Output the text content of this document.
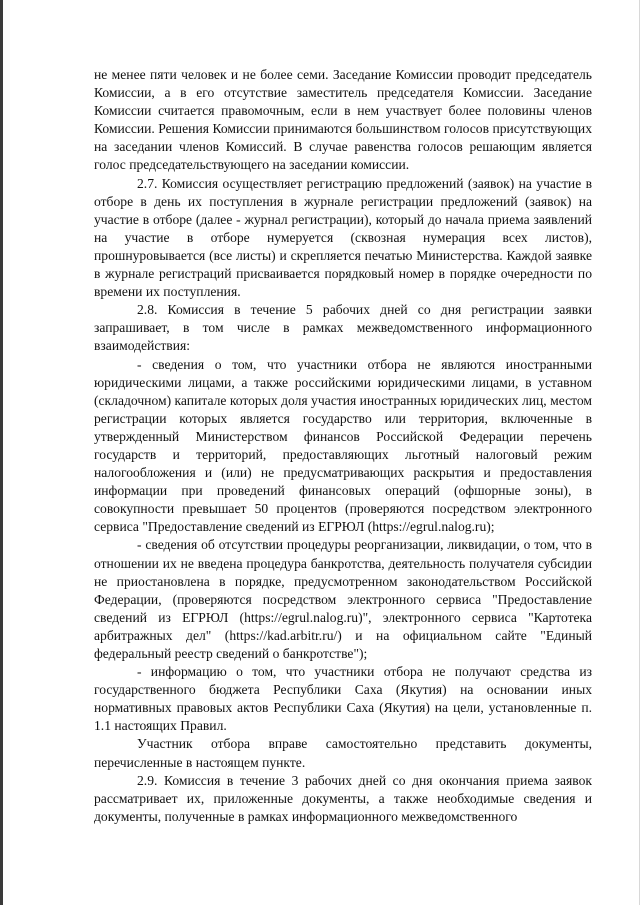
не менее пяти человек и не более семи. Заседание Комиссии проводит председатель Комиссии, а в его отсутствие заместитель председателя Комиссии. Заседание Комиссии считается правомочным, если в нем участвует более половины членов Комиссии. Решения Комиссии принимаются большинством голосов присутствующих на заседании членов Комиссий. В случае равенства голосов решающим является голос председательствующего на заседании комиссии.

2.7. Комиссия осуществляет регистрацию предложений (заявок) на участие в отборе в день их поступления в журнале регистрации предложений (заявок) на участие в отборе (далее - журнал регистрации), который до начала приема заявлений на участие в отборе нумеруется (сквозная нумерация всех листов), прошнуровывается (все листы) и скрепляется печатью Министерства. Каждой заявке в журнале регистраций присваивается порядковый номер в порядке очередности по времени их поступления.

2.8. Комиссия в течение 5 рабочих дней со дня регистрации заявки запрашивает, в том числе в рамках межведомственного информационного взаимодействия:

- сведения о том, что участники отбора не являются иностранными юридическими лицами, а также российскими юридическими лицами, в уставном (складочном) капитале которых доля участия иностранных юридических лиц, местом регистрации которых является государство или территория, включенные в утвержденный Министерством финансов Российской Федерации перечень государств и территорий, предоставляющих льготный налоговый режим налогообложения и (или) не предусматривающих раскрытия и предоставления информации при проведений финансовых операций (офшорные зоны), в совокупности превышает 50 процентов (проверяются посредством электронного сервиса "Предоставление сведений из ЕГРЮЛ (https://egrul.nalog.ru);

- сведения об отсутствии процедуры реорганизации, ликвидации, о том, что в отношении их не введена процедура банкротства, деятельность получателя субсидии не приостановлена в порядке, предусмотренном законодательством Российской Федерации, (проверяются посредством электронного сервиса "Предоставление сведений из ЕГРЮЛ (https://egrul.nalog.ru)", электронного сервиса "Картотека арбитражных дел" (https://kad.arbitr.ru/) и на официальном сайте "Единый федеральный реестр сведений о банкротстве");

- информацию о том, что участники отбора не получают средства из государственного бюджета Республики Саха (Якутия) на основании иных нормативных правовых актов Республики Саха (Якутия) на цели, установленные п. 1.1 настоящих Правил.

Участник отбора вправе самостоятельно представить документы, перечисленные в настоящем пункте.

2.9. Комиссия в течение 3 рабочих дней со дня окончания приема заявок рассматривает их, приложенные документы, а также необходимые сведения и документы, полученные в рамках информационного межведомственного
